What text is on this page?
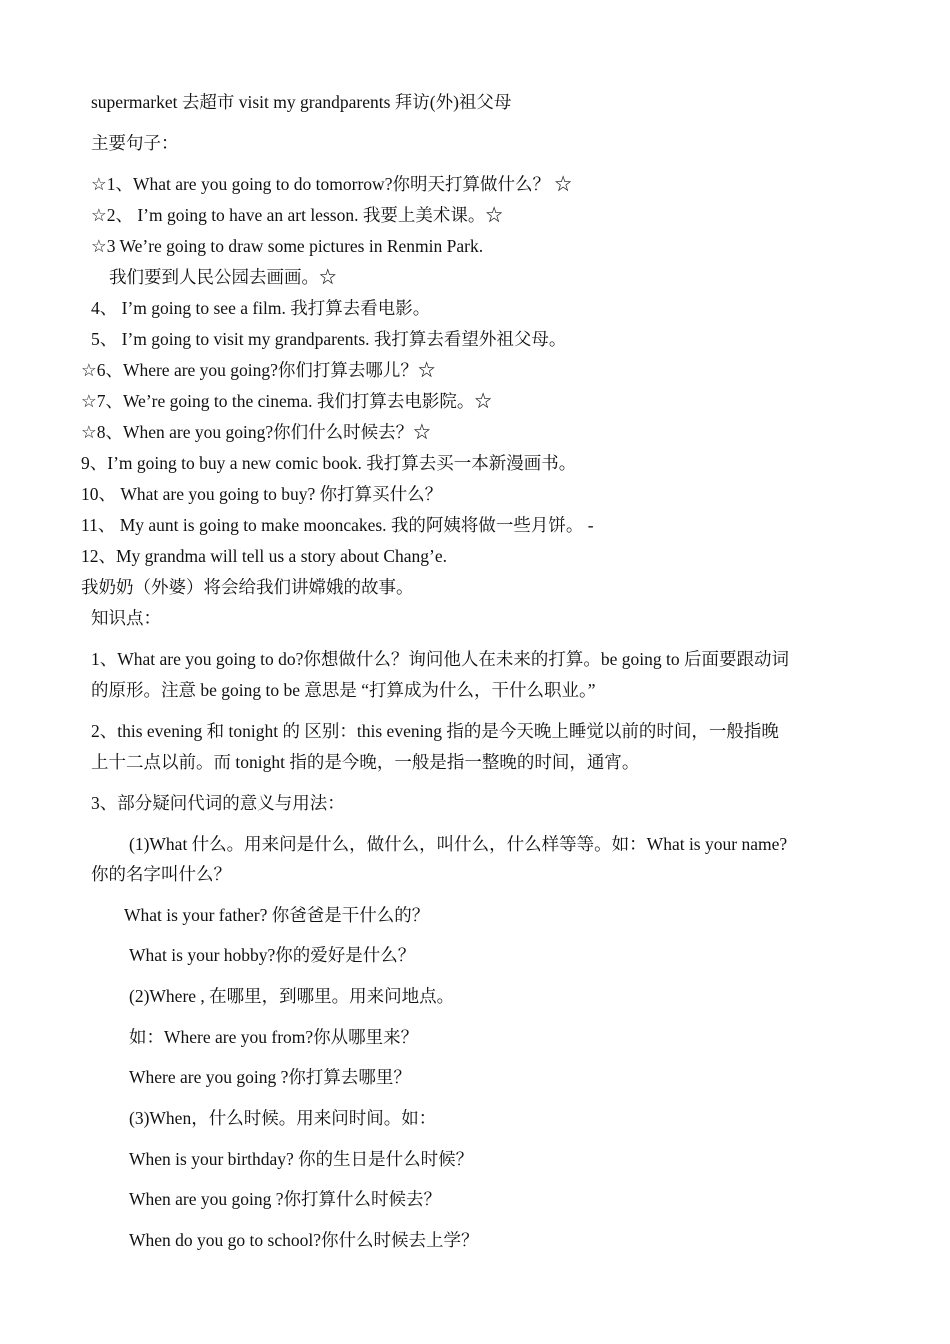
supermarket 去超市 visit my grandparents 拜访(外)祖父母
主要句子：
☆1、What are you going to do tomorrow?你明天打算做什么？ ☆
☆2、 I’m going to have an art lesson. 我要上美术课。☆
☆3 We’re going to draw some pictures in Renmin Park.
我们要到人民公园去画画。☆
4、 I’m going to see a film. 我打算去看电影。
5、 I’m going to visit my grandparents. 我打算去看望外祖父母。
☆6、Where are you going?你们打算去哪儿？☆
☆7、We’re going to the cinema. 我们打算去电影院。☆
☆8、When are you going?你们什么时候去？☆
9、I’m going to buy a new comic book. 我打算去买一本新漫画书。
10、 What are you going to buy? 你打算买什么？
11、 My aunt is going to make mooncakes. 我的阿姨将做一些月饼。 -
12、My grandma will tell us a story about Chang’e.
我奶奶（外婆）将会给我们讲嫦娥的故事。
知识点：
1、What are you going to do?你想做什么？询问他人在未来的打算。be going to 后面要跟动词
的原形。注意 be going to be 意思是 “打算成为什么，干什么职业。”
2、this evening 和 tonight 的 区别：this evening 指的是今天晚上睡觉以前的时间，一般指晚
上十二点以前。而 tonight 指的是今晚，一般是指一整晚的时间，通宵。
3、部分疑问代词的意义与用法：
(1)What 什么。用来问是什么，做什么，叫什么，什么样等等。如：What is your name?
你的名字叫什么？
What is your father? 你爸爸是干什么的？
What is your hobby?你的爱好是什么？
(2)Where , 在哪里，到哪里。用来问地点。
如：Where are you from?你从哪里来？
Where are you going ?你打算去哪里？
(3)When，什么时候。用来问时间。如：
When is your birthday? 你的生日是什么时候？
When are you going ?你打算什么时候去？
When do you go to school?你什么时候去上学？
